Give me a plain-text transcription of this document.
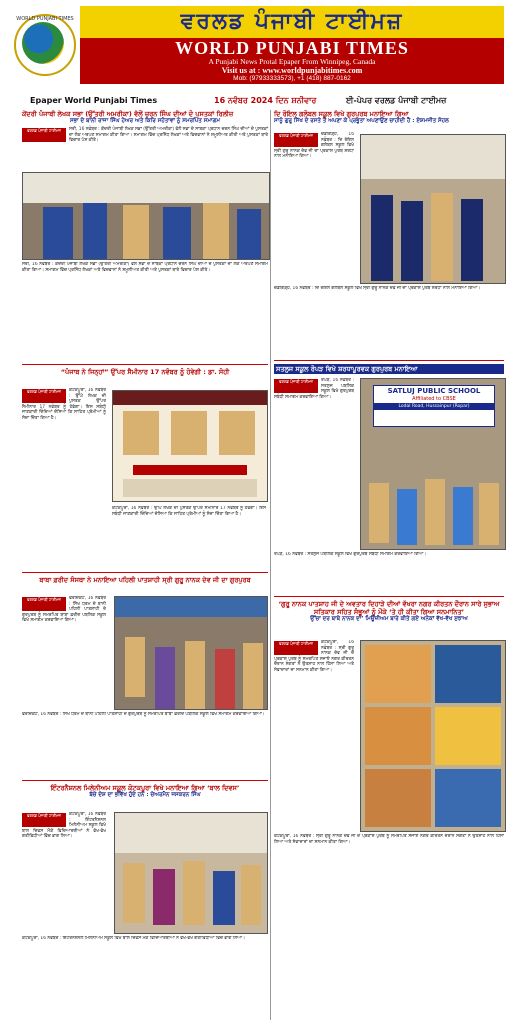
WORLD PUNJABI TIMES	ਵਰਲਡ ਪੰਜਾਬੀ ਟਾਈਮਜ਼
WORLD PUNJABI TIMES
A Punjabi News Protal Epaper From Winnipeg, Canada
Visit us at : www.worldpunjabitimes.com
Mob: (97933333573), +1 (418) 887-0162
Epaper World Punjabi Times	16 ਨਵੰਬਰ 2024 ਦਿਨ ਸ਼ਨੀਵਾਰ	ਈ-ਪੇਪਰ ਵਰਲਡ ਪੰਜਾਬੀ ਟਾਈਮਜ਼
ਕੇਂਦਰੀ ਪੰਜਾਬੀ ਲੇਖਕ ਸਭਾ (ਉੱਤਰੀ ਅਮਰੀਕਾ) ਵੱਲੋਂ ਚਰਨ ਸਿੰਘ ਦੀਆਂ ਦੋ ਪੁਸਤਕਾਂ ਰਿਲੀਜ਼
ਸਭਾ ਦੇ ਬਾਨੀ ਰਾਜਾ ਸਿੰਘ ਹੇਅਰ ਅਤੇ ਕਿਰਿ ਸਹੋਤਾਵਾਂ ਨੂੰ ਸਮਰਪਿਤ ਸਮਾਗਮ
ਵਰਲਡ ਪੰਜਾਬੀ ਟਾਈਮਜ਼	ਸਰੀ, 16 ਨਵੰਬਰ : ਕੇਂਦਰੀ ਪੰਜਾਬੀ ਲੇਖਕ ਸਭਾ (ਉੱਤਰੀ ਅਮਰੀਕਾ) ਵੱਲੋਂ ਸਭਾ ਦੇ ਸਾਬਕਾ ਪ੍ਰਧਾਨ ਚਰਨ ਸਿੰਘ ਦੀਆਂ ਦੋ ਪੁਸਤਕਾਂ ਦਾ ਲੋਕ ਅਰਪਣ ਸਮਾਗਮ ਕੀਤਾ ਗਿਆ। ਸਮਾਗਮ ਵਿੱਚ ਪ੍ਰਸਿੱਧ ਲੇਖਕਾਂ ਅਤੇ ਵਿਦਵਾਨਾਂ ਨੇ ਸ਼ਮੂਲੀਅਤ ਕੀਤੀ ਅਤੇ ਪੁਸਤਕਾਂ ਬਾਰੇ ਵਿਚਾਰ ਪੇਸ਼ ਕੀਤੇ।
ਸਰੀ, 16 ਨਵੰਬਰ : ਕੇਂਦਰੀ ਪੰਜਾਬੀ ਲੇਖਕ ਸਭਾ (ਉੱਤਰੀ ਅਮਰੀਕਾ) ਵੱਲੋਂ ਸਭਾ ਦੇ ਸਾਬਕਾ ਪ੍ਰਧਾਨ ਚਰਨ ਸਿੰਘ ਦੀਆਂ ਦੋ ਪੁਸਤਕਾਂ ਦਾ ਲੋਕ ਅਰਪਣ ਸਮਾਗਮ ਕੀਤਾ ਗਿਆ। ਸਮਾਗਮ ਵਿੱਚ ਪ੍ਰਸਿੱਧ ਲੇਖਕਾਂ ਅਤੇ ਵਿਦਵਾਨਾਂ ਨੇ ਸ਼ਮੂਲੀਅਤ ਕੀਤੀ ਅਤੇ ਪੁਸਤਕਾਂ ਬਾਰੇ ਵਿਚਾਰ ਪੇਸ਼ ਕੀਤੇ।
“ਪੰਜਾਬ ਨੇ ਜਿਨ੍ਹਾਂ” ਉੱਪਰ ਸੈਮੀਨਾਰ 17 ਨਵੰਬਰ ਨੂੰ ਹੋਵੇਗੀ : ਡਾ. ਸੋਹੀ
ਵਰਲਡ ਪੰਜਾਬੀ ਟਾਈਮਜ਼	ਕੋਟਕਪੂਰਾ, 16 ਨਵੰਬਰ : ਉੱਘੇ ਲੇਖਕ ਦੀ ਪੁਸਤਕ ਉੱਪਰ ਸੈਮੀਨਾਰ 17 ਨਵੰਬਰ ਨੂੰ ਹੋਵੇਗਾ। ਇਸ ਸਬੰਧੀ ਜਾਣਕਾਰੀ ਦਿੰਦਿਆਂ ਦੱਸਿਆ ਕਿ ਸਾਹਿਤ ਪ੍ਰੇਮੀਆਂ ਨੂੰ ਸੱਦਾ ਦਿੱਤਾ ਗਿਆ ਹੈ।
ਕੋਟਕਪੂਰਾ, 16 ਨਵੰਬਰ : ਉੱਘੇ ਲੇਖਕ ਦੀ ਪੁਸਤਕ ਉੱਪਰ ਸੈਮੀਨਾਰ 17 ਨਵੰਬਰ ਨੂੰ ਹੋਵੇਗਾ। ਇਸ ਸਬੰਧੀ ਜਾਣਕਾਰੀ ਦਿੰਦਿਆਂ ਦੱਸਿਆ ਕਿ ਸਾਹਿਤ ਪ੍ਰੇਮੀਆਂ ਨੂੰ ਸੱਦਾ ਦਿੱਤਾ ਗਿਆ ਹੈ।
ਬਾਬਾ ਫ਼ਰੀਦ ਸੰਸਥਾ ਨੇ ਮਨਾਇਆ ਪਹਿਲੀ ਪਾਤਸ਼ਾਹੀ ਸ੍ਰੀ ਗੁਰੂ ਨਾਨਕ ਦੇਵ ਜੀ ਦਾ ਗੁਰਪੁਰਬ
ਵਰਲਡ ਪੰਜਾਬੀ ਟਾਈਮਜ਼	ਫਰੀਦਕੋਟ, 16 ਨਵੰਬਰ : ਸਿੱਖ ਧਰਮ ਦੇ ਬਾਨੀ ਪਹਿਲੀ ਪਾਤਸ਼ਾਹੀ ਦੇ ਗੁਰਪੁਰਬ ਨੂੰ ਸਮਰਪਿਤ ਬਾਬਾ ਫ਼ਰੀਦ ਪਬਲਿਕ ਸਕੂਲ ਵਿਖੇ ਸਮਾਗਮ ਕਰਵਾਇਆ ਗਿਆ।
ਫਰੀਦਕੋਟ, 16 ਨਵੰਬਰ : ਸਿੱਖ ਧਰਮ ਦੇ ਬਾਨੀ ਪਹਿਲੀ ਪਾਤਸ਼ਾਹੀ ਦੇ ਗੁਰਪੁਰਬ ਨੂੰ ਸਮਰਪਿਤ ਬਾਬਾ ਫ਼ਰੀਦ ਪਬਲਿਕ ਸਕੂਲ ਵਿਖੇ ਸਮਾਗਮ ਕਰਵਾਇਆ ਗਿਆ।
ਇੰਟਰਨੈਸ਼ਨਲ ਮਿਲੇਨੀਅਮ ਸਕੂਲ ਕੋਟਕਪੂਰਾ ਵਿਖੇ ਮਨਾਇਆ ਗਿਆ ‘ਬਾਲ ਦਿਵਸ’
ਬੱਚੇ ਦੇਸ਼ ਦਾ ਭਵਿੱਖ ਹੁੰਦੇ ਹਨ : ਚੇਅਰਮੈਨ ਜਸਕਰਨ ਸਿੰਘ
ਵਰਲਡ ਪੰਜਾਬੀ ਟਾਈਮਜ਼	ਕੋਟਕਪੂਰਾ, 16 ਨਵੰਬਰ : ਇੰਟਰਨੈਸ਼ਨਲ ਮਿਲੇਨੀਅਮ ਸਕੂਲ ਵਿਖੇ ਬਾਲ ਦਿਵਸ ਮੌਕੇ ਵਿਦਿਆਰਥੀਆਂ ਨੇ ਵੱਖ-ਵੱਖ ਗਤੀਵਿਧੀਆਂ ਵਿੱਚ ਭਾਗ ਲਿਆ।
ਕੋਟਕਪੂਰਾ, 16 ਨਵੰਬਰ : ਇੰਟਰਨੈਸ਼ਨਲ ਮਿਲੇਨੀਅਮ ਸਕੂਲ ਵਿਖੇ ਬਾਲ ਦਿਵਸ ਮੌਕੇ ਵਿਦਿਆਰਥੀਆਂ ਨੇ ਵੱਖ-ਵੱਖ ਗਤੀਵਿਧੀਆਂ ਵਿੱਚ ਭਾਗ ਲਿਆ।
ਦਿ ਰੋਇਲ ਗਲੋਬਲ ਸਕੂਲ ਵਿਖੇ ਗੁਰਪੁਰਬ ਮਨਾਇਆ ਗਿਆ
ਸਾਨੂੰ ਗੁਰੂ ਸਿੱਖ ਦੇ ਰਸਤੇ ਤੇ ਅਪਣਾ ਕੇ ਪ੍ਰਭੂਤਾ ਅਪਣਾਉਣ ਚਾਹੀਦੀ ਹੈ : ਏਸ਼ਮਜੀਤ ਸੋਹਲ
ਵਰਲਡ ਪੰਜਾਬੀ ਟਾਈਮਜ਼	ਚੰਡੀਗੜ੍ਹ, 16 ਨਵੰਬਰ : ਦਿ ਰੋਇਲ ਗਲੋਬਲ ਸਕੂਲ ਵਿਖੇ ਸ੍ਰੀ ਗੁਰੂ ਨਾਨਕ ਦੇਵ ਜੀ ਦਾ ਪ੍ਰਕਾਸ਼ ਪੁਰਬ ਸ਼ਰਧਾ ਨਾਲ ਮਨਾਇਆ ਗਿਆ।
ਚੰਡੀਗੜ੍ਹ, 16 ਨਵੰਬਰ : ਦਿ ਰੋਇਲ ਗਲੋਬਲ ਸਕੂਲ ਵਿਖੇ ਸ੍ਰੀ ਗੁਰੂ ਨਾਨਕ ਦੇਵ ਜੀ ਦਾ ਪ੍ਰਕਾਸ਼ ਪੁਰਬ ਸ਼ਰਧਾ ਨਾਲ ਮਨਾਇਆ ਗਿਆ।
ਸਤਲੁਜ ਸਕੂਲ ਰੋਪੜ ਵਿਖੇ ਸ਼ਰਧਾਪੂਰਵਕ ਗੁਰਪੁਰਬ ਮਨਾਇਆ
ਵਰਲਡ ਪੰਜਾਬੀ ਟਾਈਮਜ਼	ਰੋਪੜ, 16 ਨਵੰਬਰ : ਸਤਲੁਜ ਪਬਲਿਕ ਸਕੂਲ ਵਿਖੇ ਗੁਰਪੁਰਬ ਸਬੰਧੀ ਸਮਾਗਮ ਕਰਵਾਇਆ ਗਿਆ।
SATLUJ PUBLIC SCHOOL
Affiliated to CBSE
Lodal Road, Hussainpur (Ropar)
ਰੋਪੜ, 16 ਨਵੰਬਰ : ਸਤਲੁਜ ਪਬਲਿਕ ਸਕੂਲ ਵਿਖੇ ਗੁਰਪੁਰਬ ਸਬੰਧੀ ਸਮਾਗਮ ਕਰਵਾਇਆ ਗਿਆ।
‘ਗੁਰੂ ਨਾਨਕ ਪਾਤਸ਼ਾਹ ਜੀ ਦੇ ਅਵਤਾਰ ਦਿਹਾੜੇ ਦੀਆਂ ਵੱਖਰਾ ਨਗਰ ਕੀਰਤਨ ਦੌਰਾਨ ਸਾਰੇ ਸੁਭਾਅ ਸਤਿਕਾਰ ਸਹਿਤ ਸੰਭੂਆਂ ਨੂੰ ਮੌਕੇ ‘ਤੇ ਹੀ ਕੀਤਾ ਗਿਆ ਸਨਮਾਨਿਤ’
ਉੱਚਾ ਦਰ ਬਾਬੇ ਨਾਨਕ ਦਾ’ ਮਿਊਜ਼ੀਅਮ ਬਾਰੇ ਕੀਤੇ ਗਏ ਅਨੇਕਾਂ ਵੱਖ-ਵੱਖ ਸੁਝਾਅ
ਵਰਲਡ ਪੰਜਾਬੀ ਟਾਈਮਜ਼	ਕੋਟਕਪੂਰਾ, 16 ਨਵੰਬਰ : ਸ੍ਰੀ ਗੁਰੂ ਨਾਨਕ ਦੇਵ ਜੀ ਦੇ ਪ੍ਰਕਾਸ਼ ਪੁਰਬ ਨੂੰ ਸਮਰਪਿਤ ਸਜਾਏ ਨਗਰ ਕੀਰਤਨ ਦੌਰਾਨ ਸੰਗਤਾਂ ਨੇ ਉਤਸ਼ਾਹ ਨਾਲ ਹਿੱਸਾ ਲਿਆ ਅਤੇ ਸੇਵਾਦਾਰਾਂ ਦਾ ਸਨਮਾਨ ਕੀਤਾ ਗਿਆ।
ਕੋਟਕਪੂਰਾ, 16 ਨਵੰਬਰ : ਸ੍ਰੀ ਗੁਰੂ ਨਾਨਕ ਦੇਵ ਜੀ ਦੇ ਪ੍ਰਕਾਸ਼ ਪੁਰਬ ਨੂੰ ਸਮਰਪਿਤ ਸਜਾਏ ਨਗਰ ਕੀਰਤਨ ਦੌਰਾਨ ਸੰਗਤਾਂ ਨੇ ਉਤਸ਼ਾਹ ਨਾਲ ਹਿੱਸਾ ਲਿਆ ਅਤੇ ਸੇਵਾਦਾਰਾਂ ਦਾ ਸਨਮਾਨ ਕੀਤਾ ਗਿਆ।
